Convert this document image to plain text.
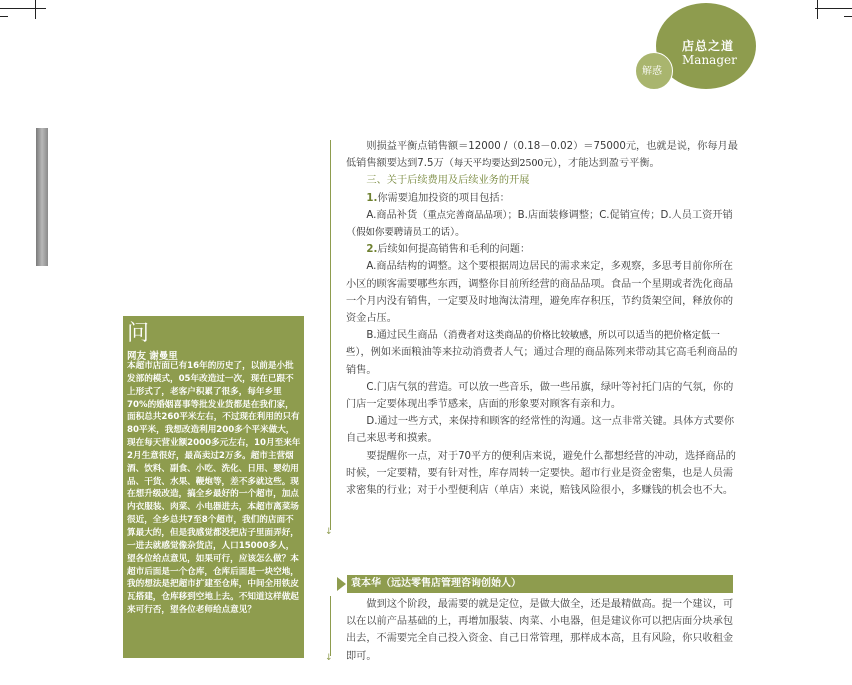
店总之道
Manager
解惑
问
网友 谢曼里
本超市店面已有16年的历史了，以前是小批发部的模式，05年改造过一次，现在已跟不上形式了，老客户积累了很多，每年乡里70%的婚姻喜事等批发业货都是在我们家，面积总共260平米左右，不过现在利用的只有80平米，我想改造利用200多个平米做大，现在每天营业额2000多元左右，10月至来年2月生意很好，最高卖过2万多。超市主营烟酒、饮料、副食、小吃、洗化、日用、婴幼用品、干货、水果、鞭炮等，差不多就这些。现在想升级改造，搞全乡最好的一个超市，加点内衣服装、肉菜、小电器进去，本超市离菜场很近，全乡总共7至8个超市，我们的店面不算最大的，但是我感觉都没把店子里面弄好，一进去就感觉像杂货店，人口15000多人，望各位给点意见，如果可行，应该怎么做？本超市后面是一个仓库，仓库后面是一块空地，我的想法是把超市扩建至仓库，中间全用铁皮瓦搭建，仓库移到空地上去。不知道这样做起来可行否，望各位老师给点意见？
↓
↓

则损益平衡点销售额＝12000 /（0.18－0.02）＝75000元，也就是说，你每月最低销售额要达到7.5万（每天平均要达到2500元），才能达到盈亏平衡。

三、关于后续费用及后续业务的开展

1.你需要追加投资的项目包括：

A.商品补货（重点完善商品品项）；B.店面装修调整；C.促销宣传；D.人员工资开销（假如你要聘请员工的话）。

2.后续如何提高销售和毛利的问题：

A.商品结构的调整。这个要根据周边居民的需求来定，多观察，多思考目前你所在小区的顾客需要哪些东西，调整你目前所经营的商品品项。食品一个星期或者洗化商品一个月内没有销售，一定要及时地淘汰清理，避免库存积压，节约货架空间，释放你的资金占压。

B.通过民生商品（消费者对这类商品的价格比较敏感，所以可以适当的把价格定低一些），例如米面粮油等来拉动消费者人气；通过合理的商品陈列来带动其它高毛利商品的销售。

C.门店气氛的营造。可以放一些音乐，做一些吊旗，绿叶等衬托门店的气氛，你的门店一定要体现出季节感来，店面的形象要对顾客有亲和力。

D.通过一些方式，来保持和顾客的经常性的沟通。这一点非常关键。具体方式要你自己来思考和摸索。

要提醒你一点，对于70平方的便利店来说，避免什么都想经营的冲动，选择商品的时候，一定要精，要有针对性，库存周转一定要快。超市行业是资金密集，也是人员需求密集的行业；对于小型便利店（单店）来说，赔钱风险很小，多赚钱的机会也不大。

袁本华（远达零售店管理咨询创始人）

做到这个阶段，最需要的就是定位，是做大做全，还是最精做高。提一个建议，可以在以前产品基础的上，再增加服装、肉菜、小电器，但是建议你可以把店面分块承包出去，不需要完全自己投入资金、自己日常管理，那样成本高，且有风险，你只收租金即可。
